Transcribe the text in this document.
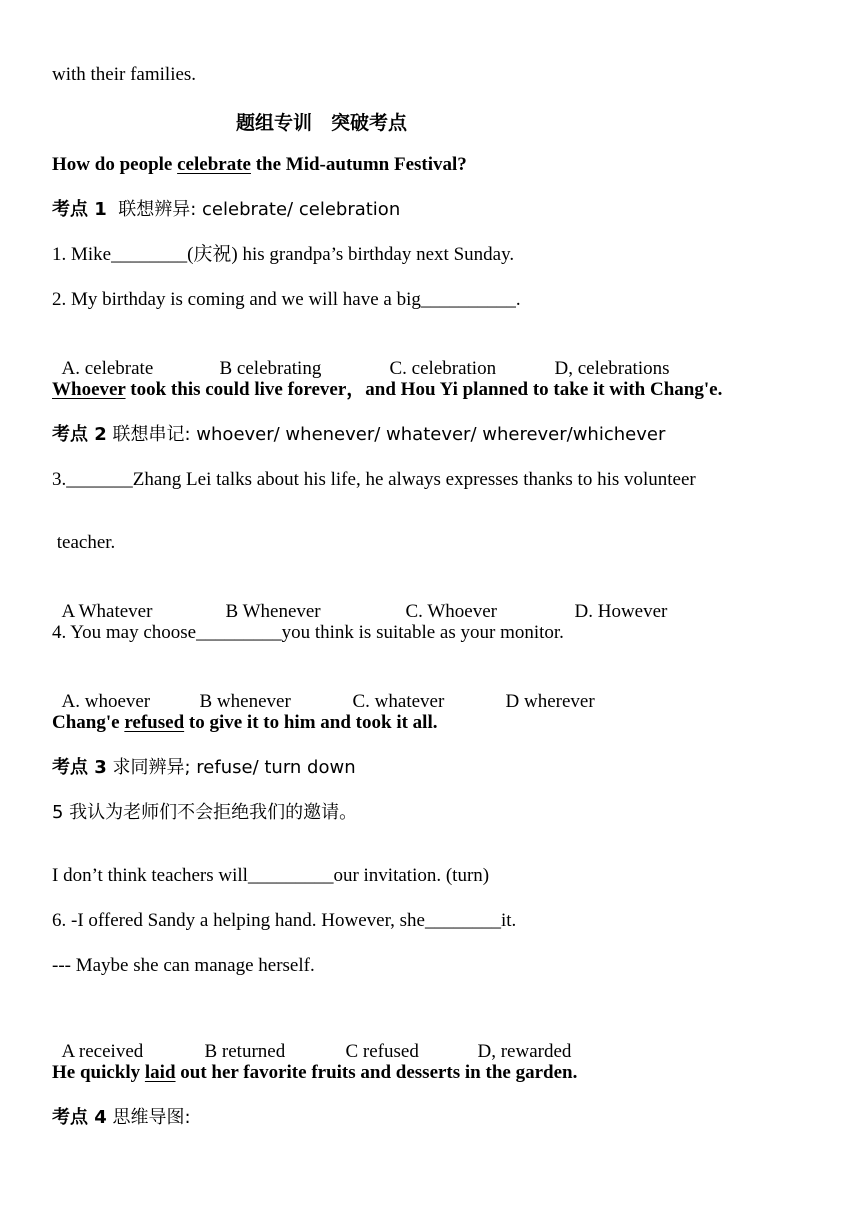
with their families.
题组专训　突破考点
How do people celebrate the Mid-autumn Festival?
考点 1  联想辨异: celebrate/ celebration
1. Mike________(庆祝) his grandpa’s birthday next Sunday.
2. My birthday is coming and we will have a big__________.

A. celebrate	B celebrating	C. celebration	D, celebrations

Whoever took this could live forever，and Hou Yi planned to take it with Chang'e.
考点 2 联想串记: whoever/ whenever/ whatever/ wherever/whichever
3._______Zhang Lei talks about his life, he always expresses thanks to his volunteer
teacher.

A Whatever	B Whenever	C. Whoever	D. However

4. You may choose_________you think is suitable as your monitor.

A. whoever	B whenever	C. whatever	D wherever

Chang'e refused to give it to him and took it all.
考点 3 求同辨异; refuse/ turn down
5 我认为老师们不会拒绝我们的邀请。
I don’t think teachers will_________our invitation. (turn)
6. -I offered Sandy a helping hand. However, she________it.
--- Maybe she can manage herself.

A received	B returned	C refused	D, rewarded

He quickly laid out her favorite fruits and desserts in the garden.
考点 4 思维导图:
